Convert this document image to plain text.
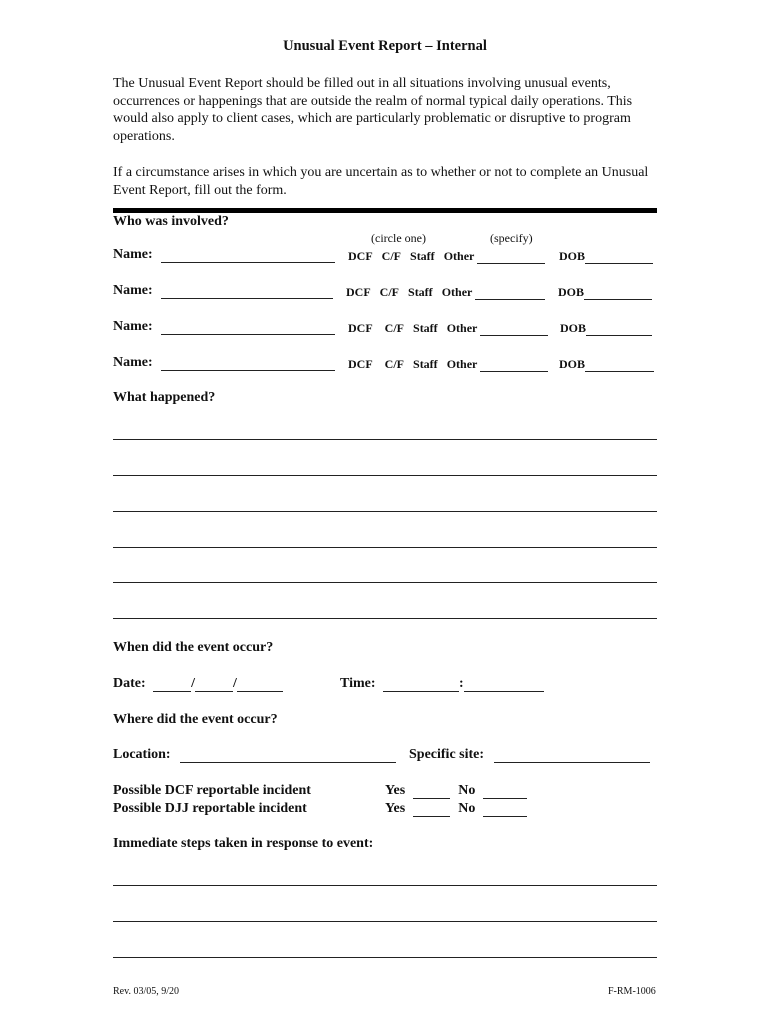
Unusual Event Report – Internal
The Unusual Event Report should be filled out in all situations involving unusual events, occurrences or happenings that are outside the realm of normal typical daily operations. This would also apply to client cases, which are particularly problematic or disruptive to program operations.
If a circumstance arises in which you are uncertain as to whether or not to complete an Unusual Event Report, fill out the form.
Who was involved?
(circle one)	(specify)
Name:	DCF C/F Staff Other	DOB
Name:	DCF C/F Staff Other	DOB
Name:	DCF C/F Staff Other	DOB
Name:	DCF C/F Staff Other	DOB
What happened?
When did the event occur?
Date:	/	/	Time:	:
Where did the event occur?
Location:	Specific site:
Possible DCF reportable incident	Yes	No
Possible DJJ reportable incident	Yes	No
Immediate steps taken in response to event:
Rev. 03/05, 9/20	F-RM-1006
